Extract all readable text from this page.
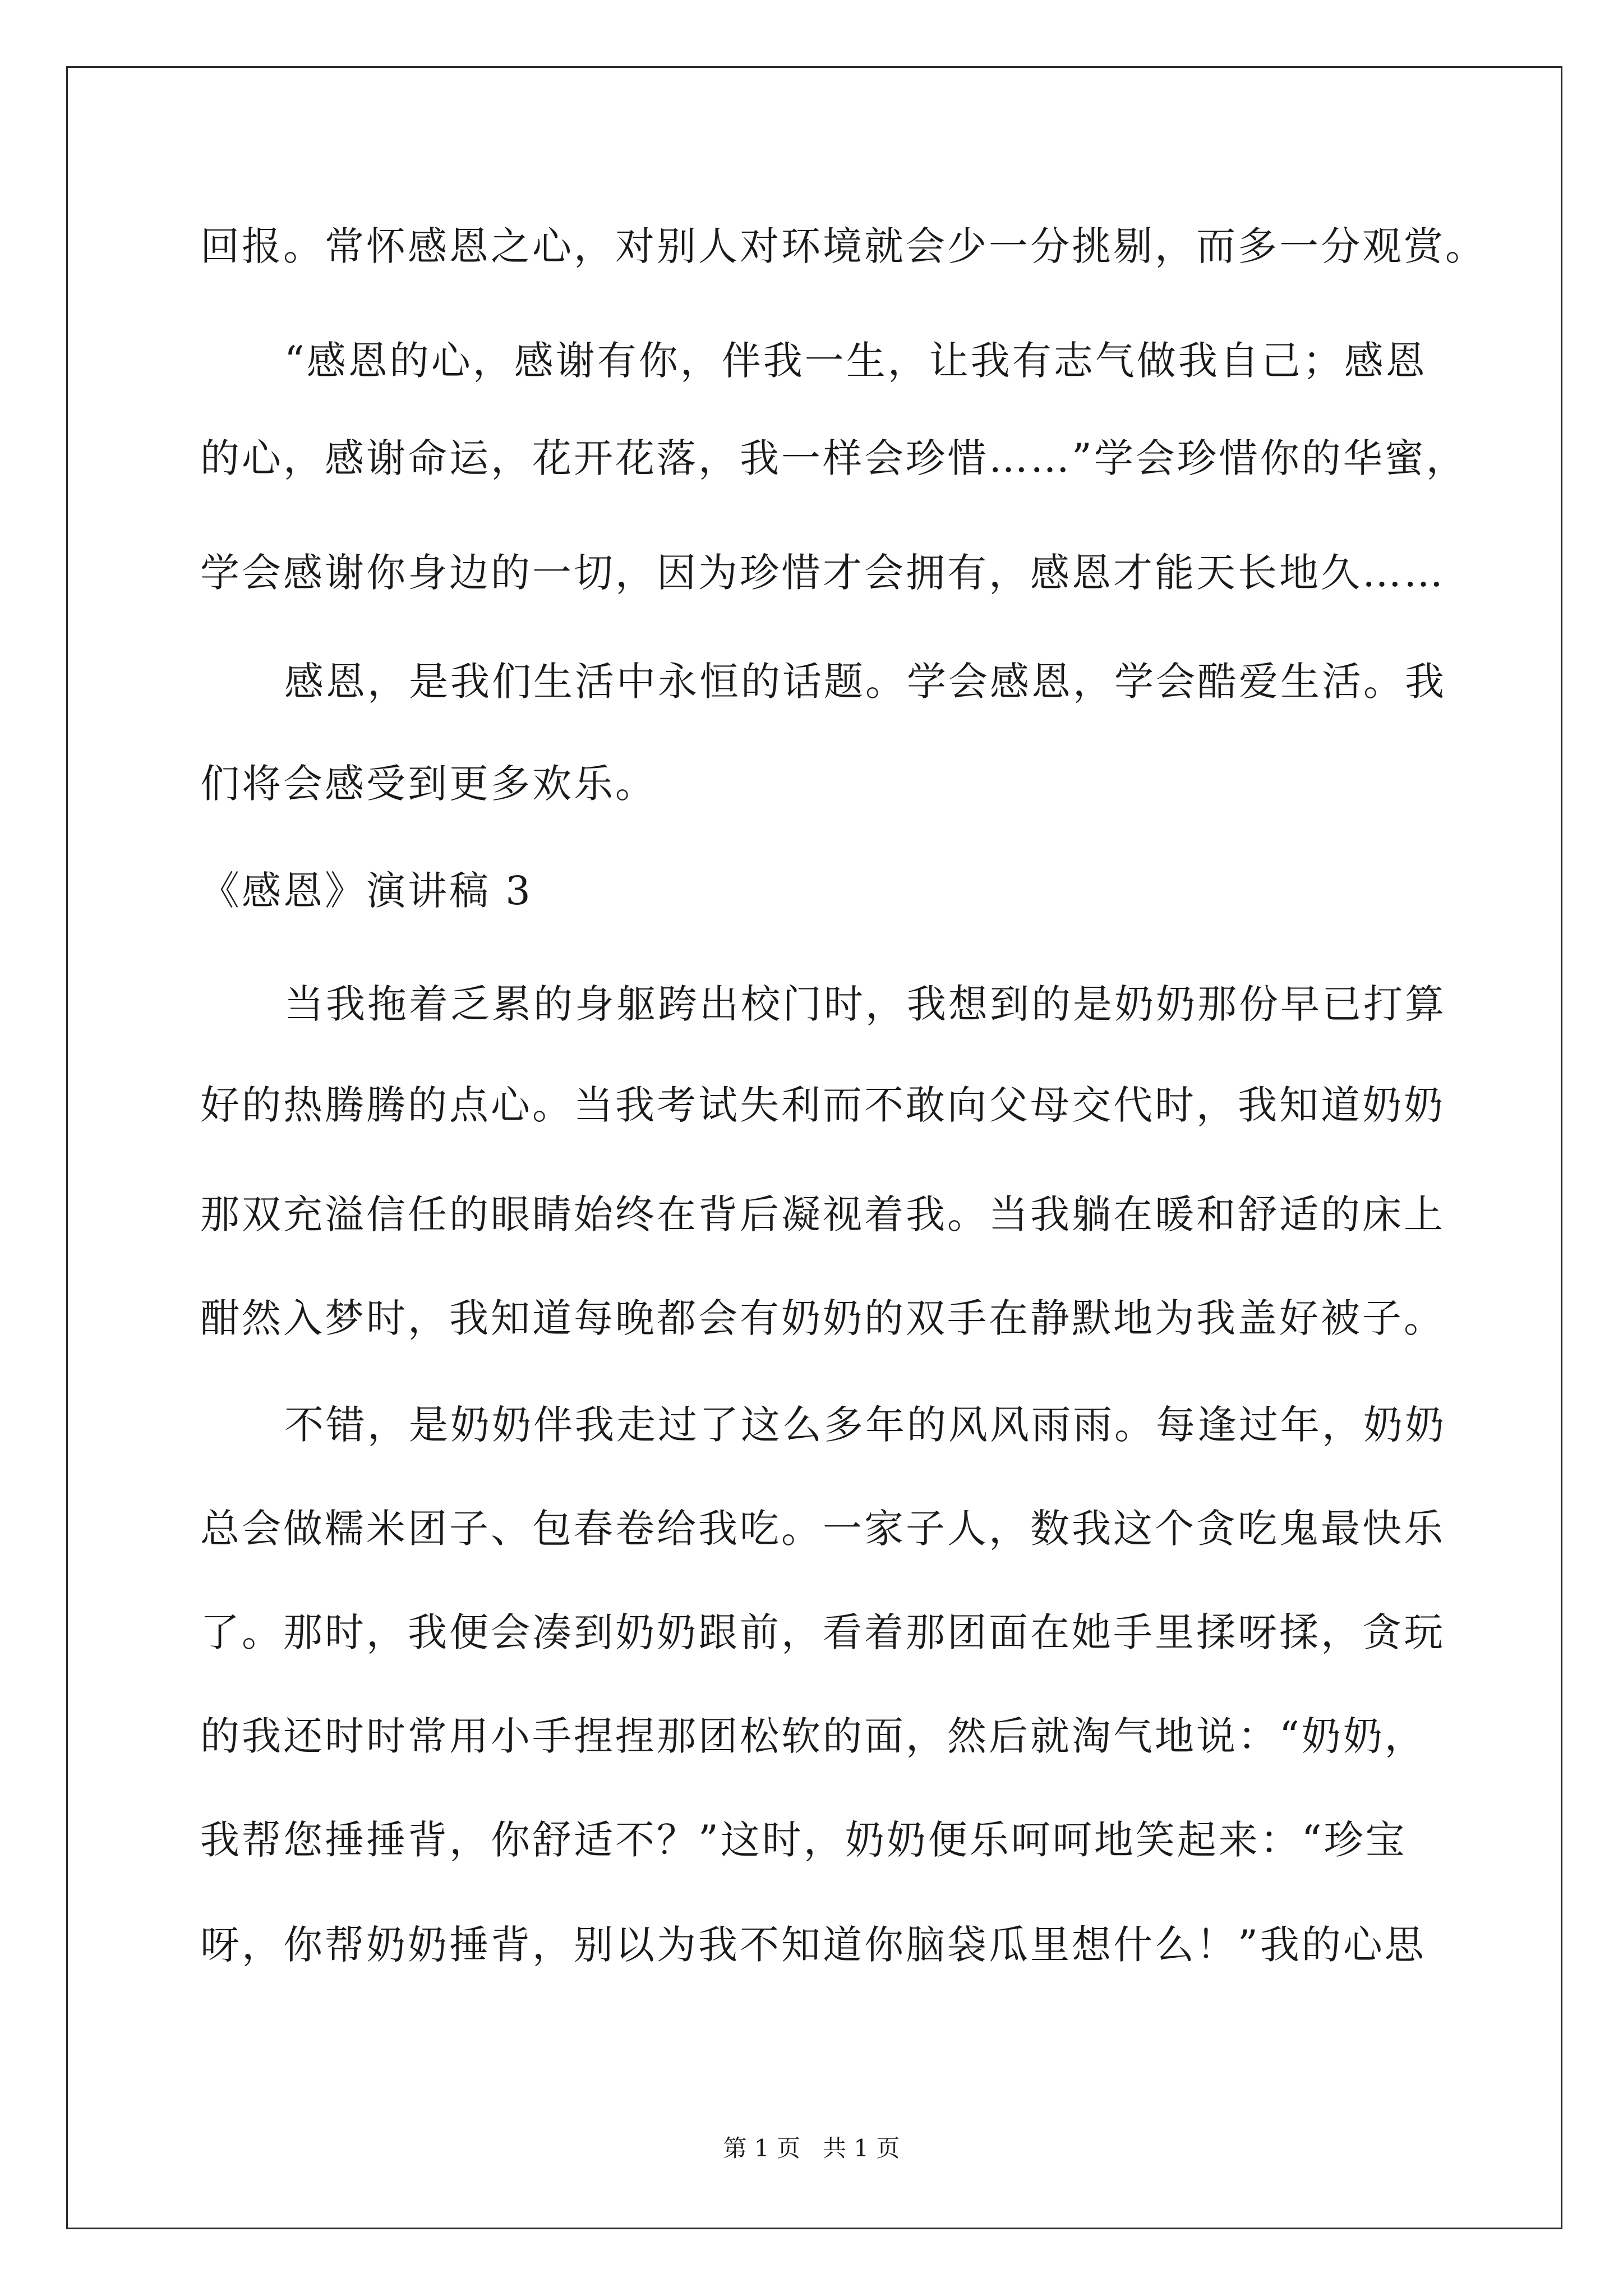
回报。常怀感恩之心，对别人对环境就会少一分挑剔，而多一分观赏。
“感恩的心，感谢有你，伴我一生，让我有志气做我自己；感恩
的心，感谢命运，花开花落，我一样会珍惜……”学会珍惜你的华蜜，
学会感谢你身边的一切，因为珍惜才会拥有，感恩才能天长地久……
感恩，是我们生活中永恒的话题。学会感恩，学会酷爱生活。我
们将会感受到更多欢乐。
《感恩》演讲稿 3
当我拖着乏累的身躯跨出校门时，我想到的是奶奶那份早已打算
好的热腾腾的点心。当我考试失利而不敢向父母交代时，我知道奶奶
那双充溢信任的眼睛始终在背后凝视着我。当我躺在暖和舒适的床上
酣然入梦时，我知道每晚都会有奶奶的双手在静默地为我盖好被子。
不错，是奶奶伴我走过了这么多年的风风雨雨。每逢过年，奶奶
总会做糯米团子、包春卷给我吃。一家子人，数我这个贪吃鬼最快乐
了。那时，我便会凑到奶奶跟前，看着那团面在她手里揉呀揉，贪玩
的我还时时常用小手捏捏那团松软的面，然后就淘气地说：“奶奶，
我帮您捶捶背，你舒适不？”这时，奶奶便乐呵呵地笑起来：“珍宝
呀，你帮奶奶捶背，别以为我不知道你脑袋瓜里想什么！”我的心思
第 1 页 共 1 页
